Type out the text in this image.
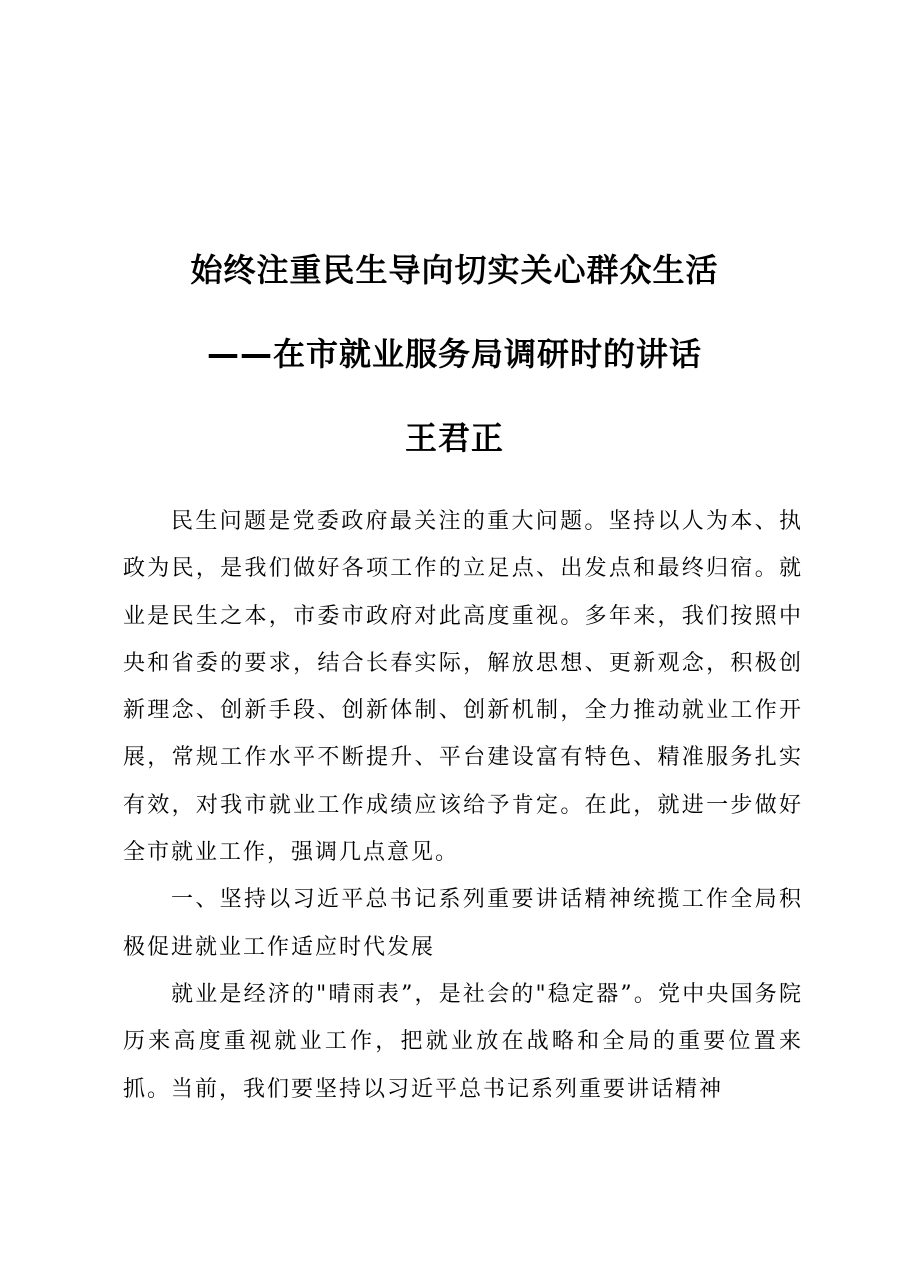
始终注重民生导向切实关心群众生活
——在市就业服务局调研时的讲话
王君正

民生问题是党委政府最关注的重大问题。坚持以人为本、执政为民，是我们做好各项工作的立足点、出发点和最终归宿。就业是民生之本，市委市政府对此高度重视。多年来，我们按照中央和省委的要求，结合长春实际，解放思想、更新观念，积极创新理念、创新手段、创新体制、创新机制，全力推动就业工作开展，常规工作水平不断提升、平台建设富有特色、精准服务扎实有效，对我市就业工作成绩应该给予肯定。在此，就进一步做好全市就业工作，强调几点意见。

一、坚持以习近平总书记系列重要讲话精神统揽工作全局积极促进就业工作适应时代发展

就业是经济的"晴雨表”，是社会的"稳定器”。党中央国务院历来高度重视就业工作，把就业放在战略和全局的重要位置来抓。当前，我们要坚持以习近平总书记系列重要讲话精神
